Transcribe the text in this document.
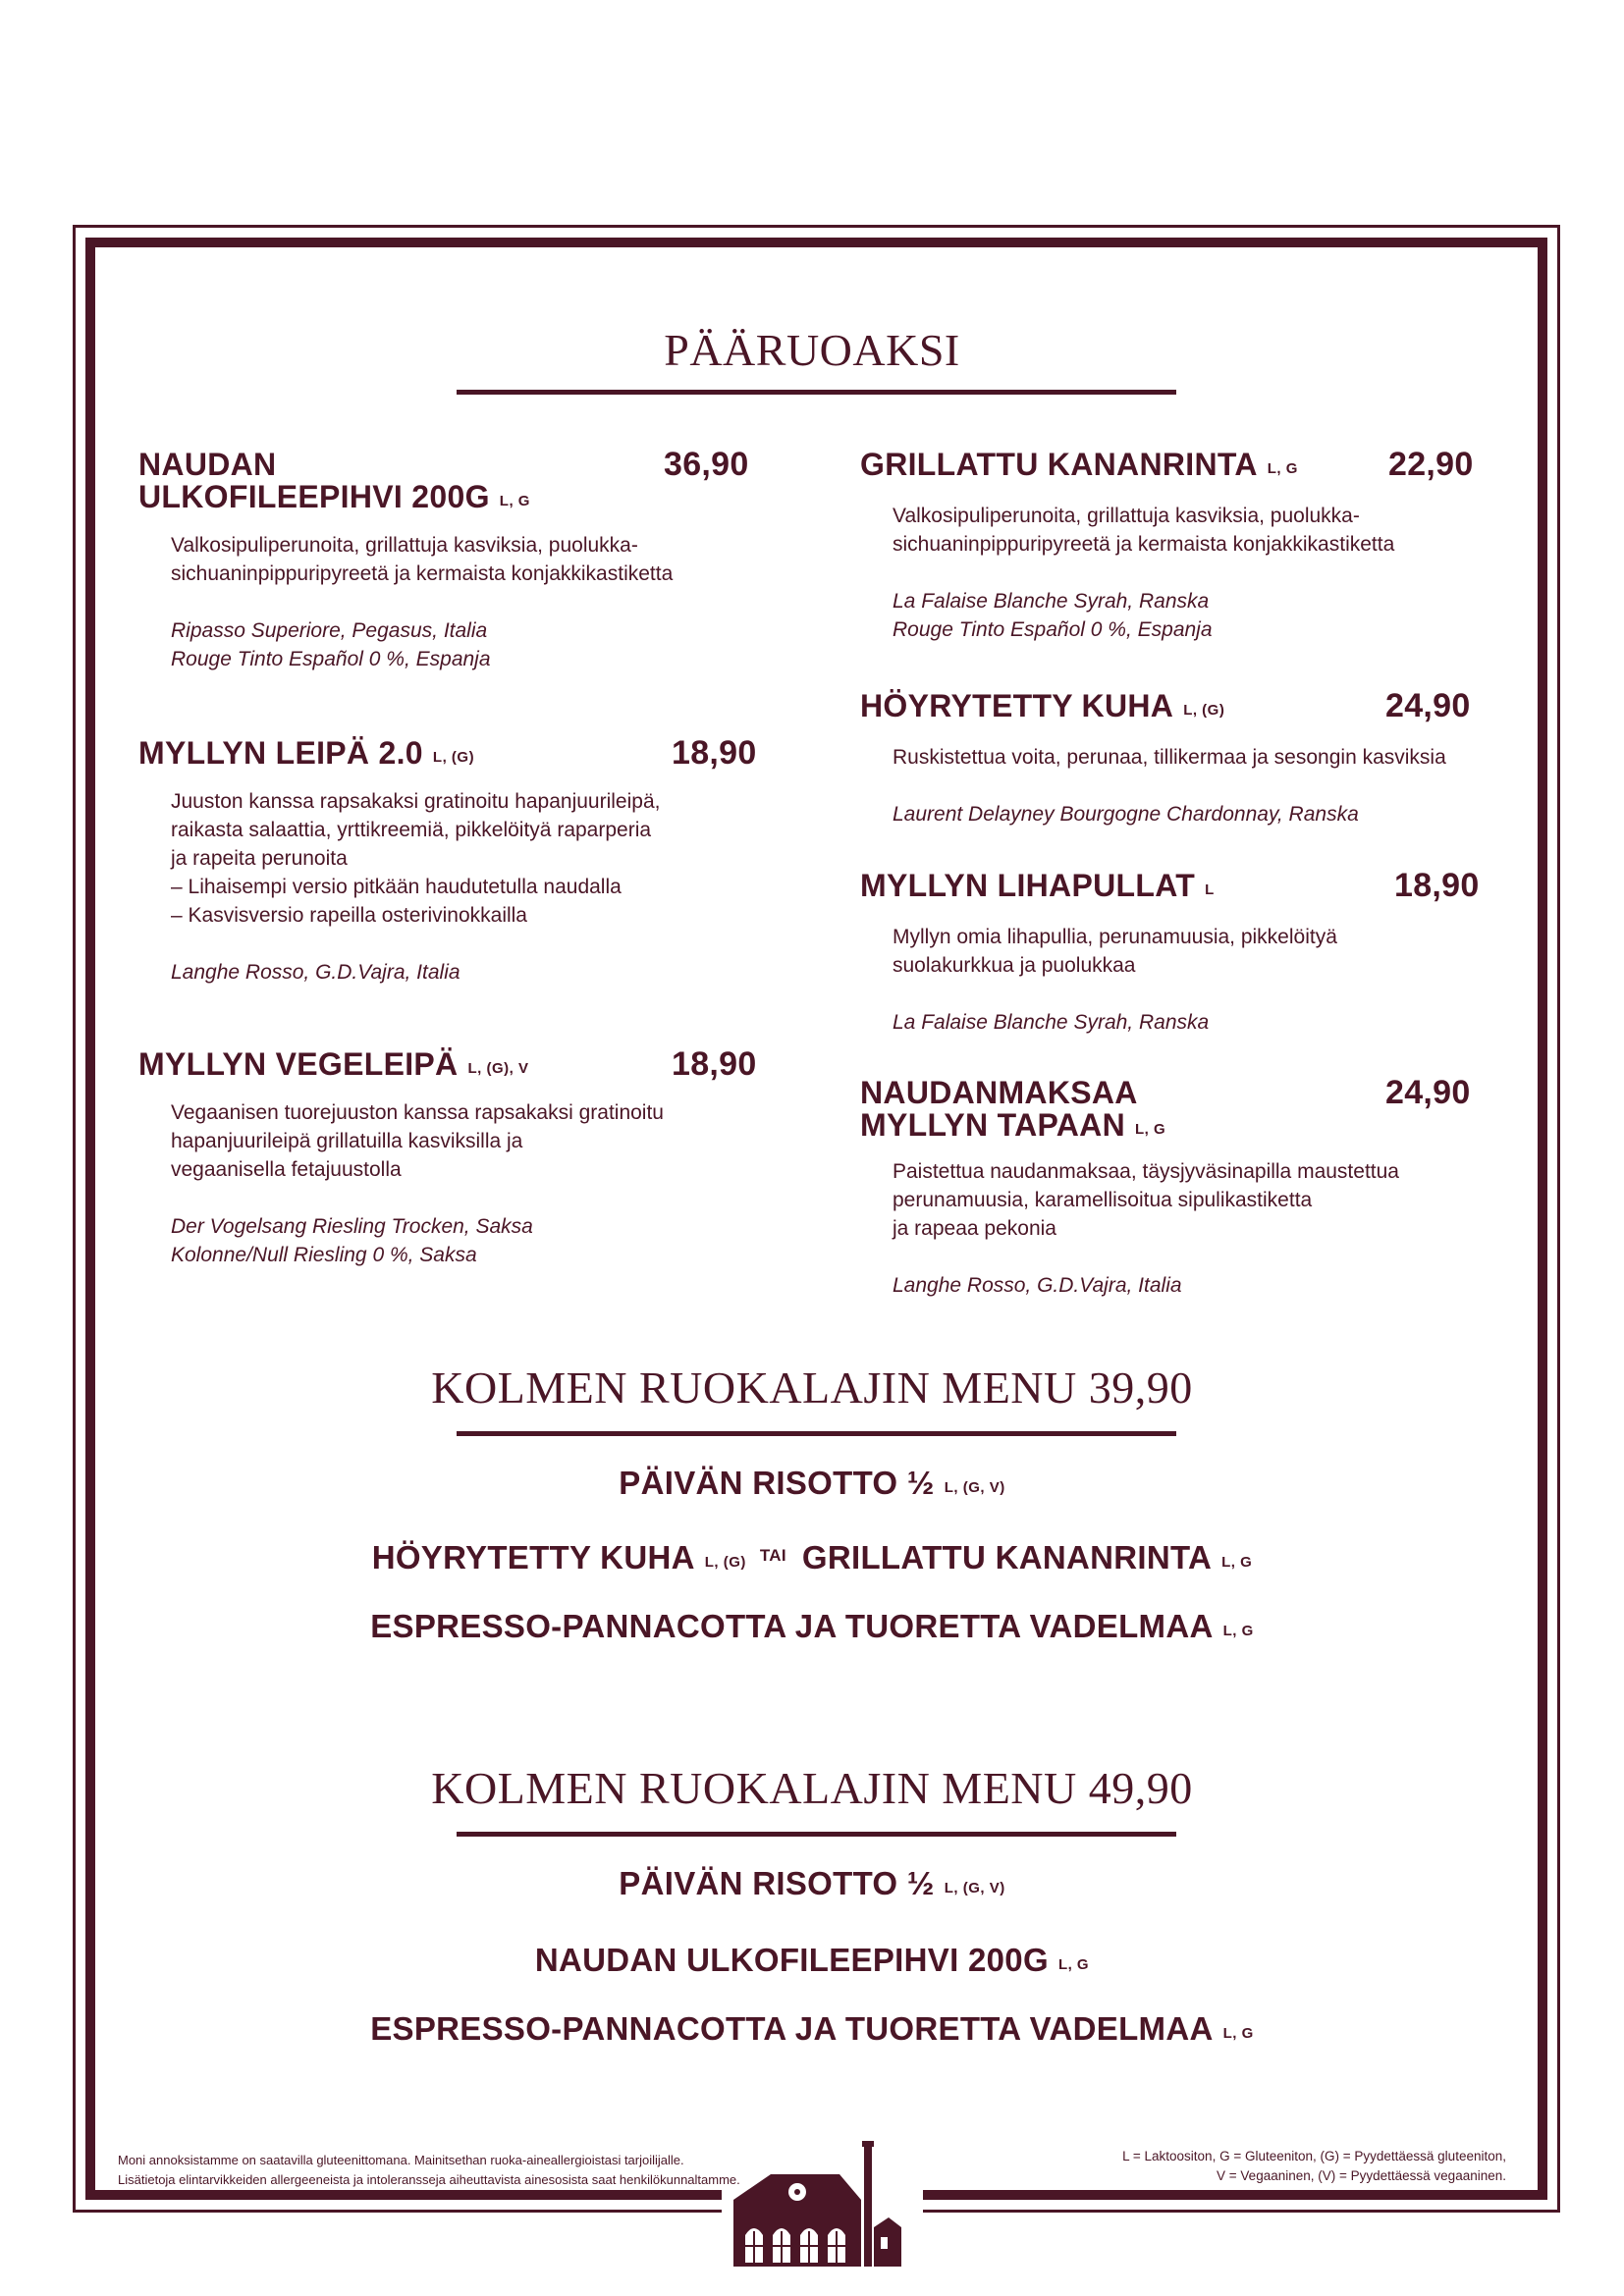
PÄÄRUOAKSI
NAUDAN
ULKOFILEEPIHVI 200G L, G
36,90
Valkosipuliperunoita, grillattuja kasviksia, puolukka-
sichuaninpippuripyreetä ja kermaista konjakkikastiketta
Ripasso Superiore, Pegasus, Italia
Rouge Tinto Español 0 %, Espanja
MYLLYN LEIPÄ 2.0 L, (G)	18,90
Juuston kanssa rapsakaksi gratinoitu hapanjuurileipä,
raikasta salaattia, yrttikreemiä, pikkelöityä raparperia
ja rapeita perunoita
– Lihaisempi versio pitkään haudutetulla naudalla
– Kasvisversio rapeilla osterivinokkailla
Langhe Rosso, G.D.Vajra, Italia
MYLLYN VEGELEIPÄ L, (G), V	18,90
Vegaanisen tuorejuuston kanssa rapsakaksi gratinoitu
hapanjuurileipä grillatuilla kasviksilla ja
vegaanisella fetajuustolla
Der Vogelsang Riesling Trocken, Saksa
Kolonne/Null Riesling 0 %, Saksa
GRILLATTU KANANRINTA L, G	22,90
Valkosipuliperunoita, grillattuja kasviksia, puolukka-
sichuaninpippuripyreetä ja kermaista konjakkikastiketta
La Falaise Blanche Syrah, Ranska
Rouge Tinto Español 0 %, Espanja
HÖYRYTETTY KUHA L, (G)	24,90
Ruskistettua voita, perunaa, tillikermaa ja sesongin kasviksia
Laurent Delayney Bourgogne Chardonnay, Ranska
MYLLYN LIHAPULLAT L	18,90
Myllyn omia lihapullia, perunamuusia, pikkelöityä
suolakurkkua ja puolukkaa
La Falaise Blanche Syrah, Ranska
NAUDANMAKSAA
MYLLYN TAPAAN L, G
24,90
Paistettua naudanmaksaa, täysjyväsinapilla maustettua
perunamuusia, karamellisoitua sipulikastiketta
ja rapeaa pekonia
Langhe Rosso, G.D.Vajra, Italia
KOLMEN RUOKALAJIN MENU 39,90
PÄIVÄN RISOTTO ½ L, (G, V)
HÖYRYTETTY KUHA L, (G) $^{TAI}$ GRILLATTU KANANRINTA L, G
ESPRESSO-PANNACOTTA JA TUORETTA VADELMAA L, G
KOLMEN RUOKALAJIN MENU 49,90
PÄIVÄN RISOTTO ½ L, (G, V)
NAUDAN ULKOFILEEPIHVI 200G L, G
ESPRESSO-PANNACOTTA JA TUORETTA VADELMAA L, G
Moni annoksistamme on saatavilla gluteenittomana. Mainitsethan ruoka-aineallergioistasi tarjoilijalle.
Lisätietoja elintarvikkeiden allergeeneista ja intoleransseja aiheuttavista ainesosista saat henkilökunnaltamme.
L = Laktoositon, G = Gluteeniton, (G) = Pyydettäessä gluteeniton,
V = Vegaaninen, (V) = Pyydettäessä vegaaninen.
